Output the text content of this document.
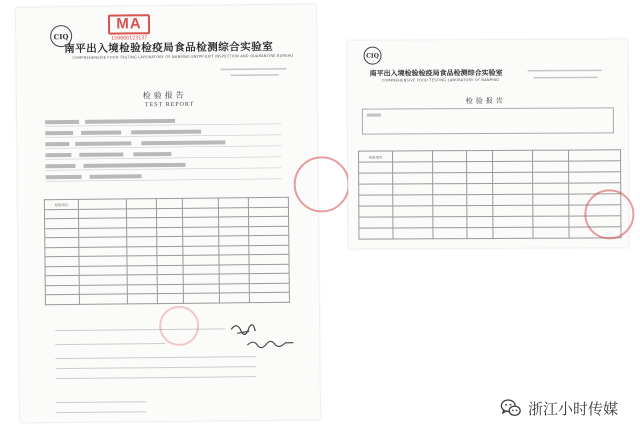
CIQ
MA
150000123137
南平出入境检验检疫局食品检测综合实验室
COMPREHENSIVE FOOD TESTING LABORATORY OF NANPING ENTRY-EXIT INSPECTION AND QUARANTINE BUREAU
检验报告
TEST REPORT
检验项目						

CIQ
南平出入境检验检疫局食品检测综合实验室
COMPREHENSIVE FOOD TESTING LABORATORY OF NANPING
检验报告
检验项目						

浙江小时传媒
